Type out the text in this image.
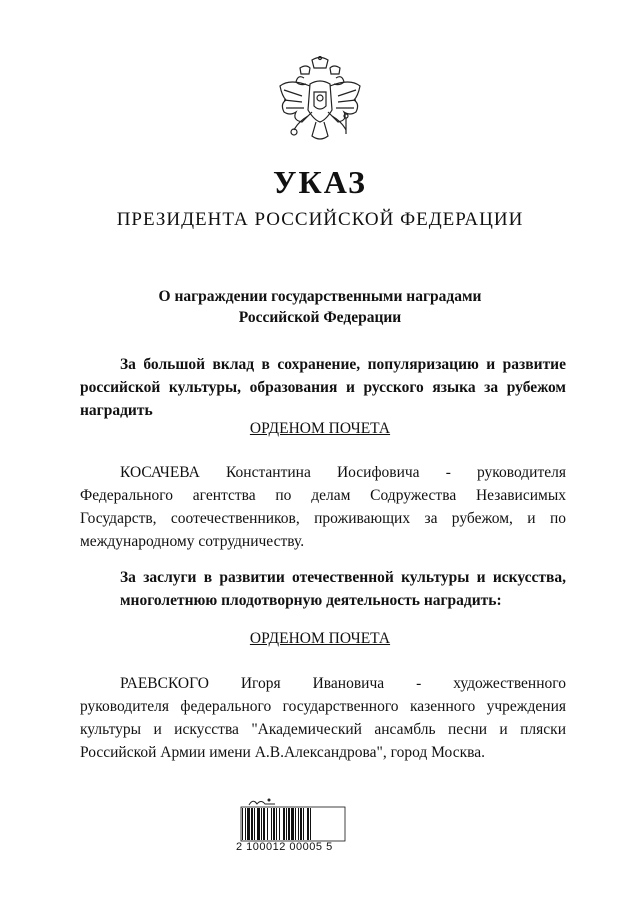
УКАЗ
ПРЕЗИДЕНТА РОССИЙСКОЙ ФЕДЕРАЦИИ
О награждении государственными наградами
Российской Федерации
За большой вклад в сохранение, популяризацию и развитие
российской культуры, образования и русского языка за рубежом
наградить
ОРДЕНОМ ПОЧЕТА
КОСАЧЕВА Константина Иосифовича - руководителя
Федерального агентства по делам Содружества Независимых
Государств, соотечественников, проживающих за рубежом, и по
международному сотрудничеству.
За заслуги в развитии отечественной культуры и искусства,
многолетнюю плодотворную деятельность наградить:
ОРДЕНОМ ПОЧЕТА
РАЕВСКОГО Игоря Ивановича - художественного
руководителя федерального государственного казенного учреждения
культуры и искусства "Академический ансамбль песни и пляски
Российской Армии имени А.В.Александрова", город Москва.
2 100012 00005 5
